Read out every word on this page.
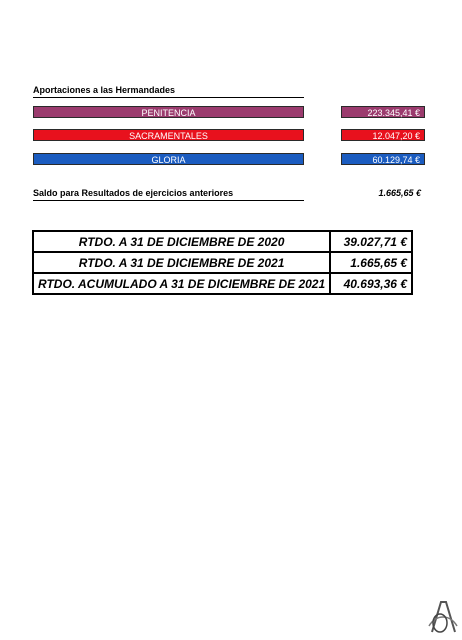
Aportaciones a las Hermandades
PENITENCIA	223.345,41 €
SACRAMENTALES	12.047,20 €
GLORIA	60.129,74 €
Saldo para Resultados de ejercicios anteriores	1.665,65 €
RTDO. A 31 DE DICIEMBRE DE 2020	39.027,71 €
RTDO. A 31 DE DICIEMBRE DE 2021	1.665,65 €
RTDO. ACUMULADO A 31 DE DICIEMBRE DE 2021	40.693,36 €
